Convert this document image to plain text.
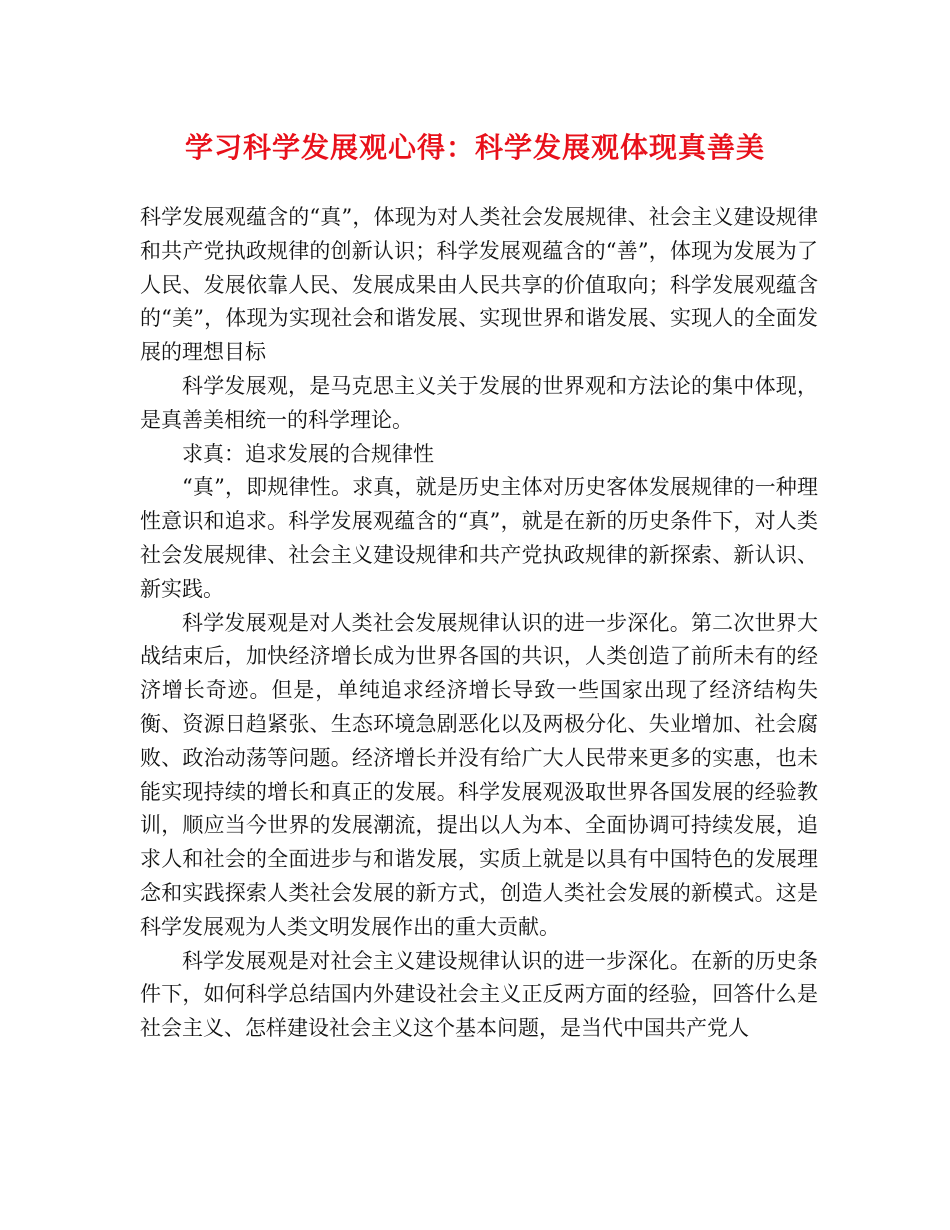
学习科学发展观心得：科学发展观体现真善美

科学发展观蕴含的“真”，体现为对人类社会发展规律、社会主义建设规律和共产党执政规律的创新认识；科学发展观蕴含的“善”，体现为发展为了人民、发展依靠人民、发展成果由人民共享的价值取向；科学发展观蕴含的“美”，体现为实现社会和谐发展、实现世界和谐发展、实现人的全面发展的理想目标

科学发展观，是马克思主义关于发展的世界观和方法论的集中体现，是真善美相统一的科学理论。

求真：追求发展的合规律性

“真”，即规律性。求真，就是历史主体对历史客体发展规律的一种理性意识和追求。科学发展观蕴含的“真”，就是在新的历史条件下，对人类社会发展规律、社会主义建设规律和共产党执政规律的新探索、新认识、新实践。

科学发展观是对人类社会发展规律认识的进一步深化。第二次世界大战结束后，加快经济增长成为世界各国的共识，人类创造了前所未有的经济增长奇迹。但是，单纯追求经济增长导致一些国家出现了经济结构失衡、资源日趋紧张、生态环境急剧恶化以及两极分化、失业增加、社会腐败、政治动荡等问题。经济增长并没有给广大人民带来更多的实惠，也未能实现持续的增长和真正的发展。科学发展观汲取世界各国发展的经验教训，顺应当今世界的发展潮流，提出以人为本、全面协调可持续发展，追求人和社会的全面进步与和谐发展，实质上就是以具有中国特色的发展理念和实践探索人类社会发展的新方式，创造人类社会发展的新模式。这是科学发展观为人类文明发展作出的重大贡献。

科学发展观是对社会主义建设规律认识的进一步深化。在新的历史条件下，如何科学总结国内外建设社会主义正反两方面的经验，回答什么是社会主义、怎样建设社会主义这个基本问题，是当代中国共产党人
